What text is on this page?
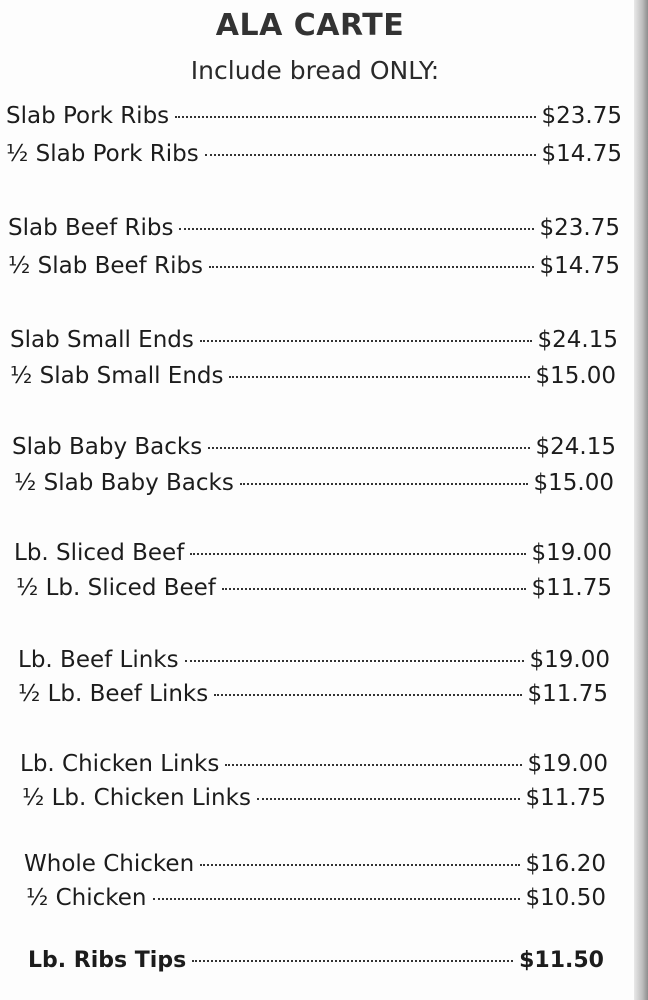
ALA CARTE
Include bread ONLY:
Slab Pork Ribs	$23.75
½ Slab Pork Ribs	$14.75
Slab Beef Ribs	$23.75
½ Slab Beef Ribs	$14.75
Slab Small Ends	$24.15
½ Slab Small Ends	$15.00
Slab Baby Backs	$24.15
½ Slab Baby Backs	$15.00
Lb. Sliced Beef	$19.00
½ Lb. Sliced Beef	$11.75
Lb. Beef Links	$19.00
½ Lb. Beef Links	$11.75
Lb. Chicken Links	$19.00
½ Lb. Chicken Links	$11.75
Whole Chicken	$16.20
½ Chicken	$10.50
Lb. Ribs Tips	$11.50
